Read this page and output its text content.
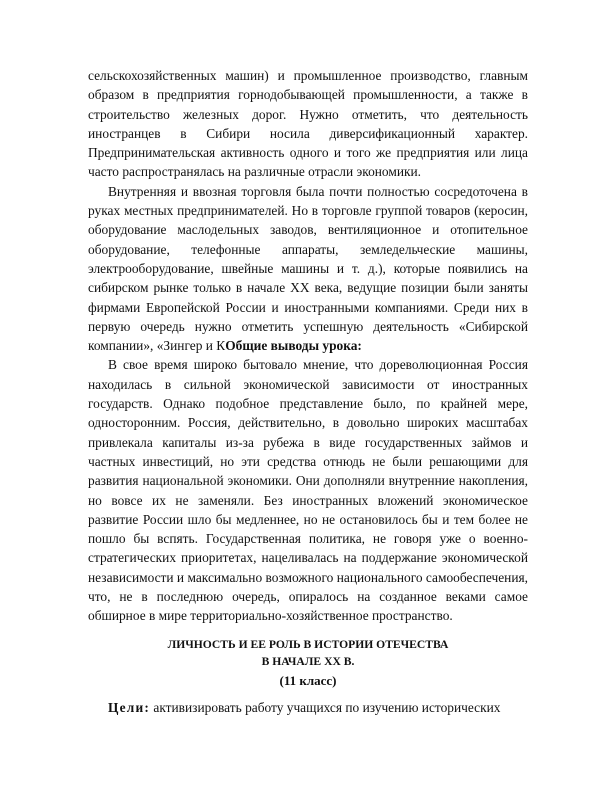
сельскохозяйственных машин) и промышленное производство, главным образом в предприятия горнодобывающей промышленности, а также в строительство железных дорог. Нужно отметить, что деятельность иностранцев в Сибири носила диверсификационный характер. Предпринимательская активность одного и того же предприятия или лица часто распространялась на различные отрасли экономики.

Внутренняя и ввозная торговля была почти полностью сосредоточена в руках местных предпринимателей. Но в торговле группой товаров (керосин, оборудование маслодельных заводов, вентиляционное и отопительное оборудование, телефонные аппараты, земледельческие машины, электрооборудование, швейные машины и т. д.), которые появились на сибирском рынке только в начале XX века, ведущие позиции были заняты фирмами Европейской России и иностранными компаниями. Среди них в первую очередь нужно отметить успешную деятельность «Сибирской компании», «Зингер и КОбщие выводы урока:

В свое время широко бытовало мнение, что дореволюционная Россия находилась в сильной экономической зависимости от иностранных государств. Однако подобное представление было, по крайней мере, односторонним. Россия, действительно, в довольно широких масштабах привлекала капиталы из-за рубежа в виде государственных займов и частных инвестиций, но эти средства отнюдь не были решающими для развития национальной экономики. Они дополняли внутренние накопления, но вовсе их не заменяли. Без иностранных вложений экономическое развитие России шло бы медленнее, но не остановилось бы и тем более не пошло бы вспять. Государственная политика, не говоря уже о военно-стратегических приоритетах, нацеливалась на поддержание экономической независимости и максимально возможного национального самообеспечения, что, не в последнюю очередь, опиралось на созданное веками самое обширное в мире территориально-хозяйственное пространство.

ЛИЧНОСТЬ И ЕЕ РОЛЬ В ИСТОРИИ ОТЕЧЕСТВА

В НАЧАЛЕ XX В.

(11 класс)

Цели: активизировать работу учащихся по изучению исторических
